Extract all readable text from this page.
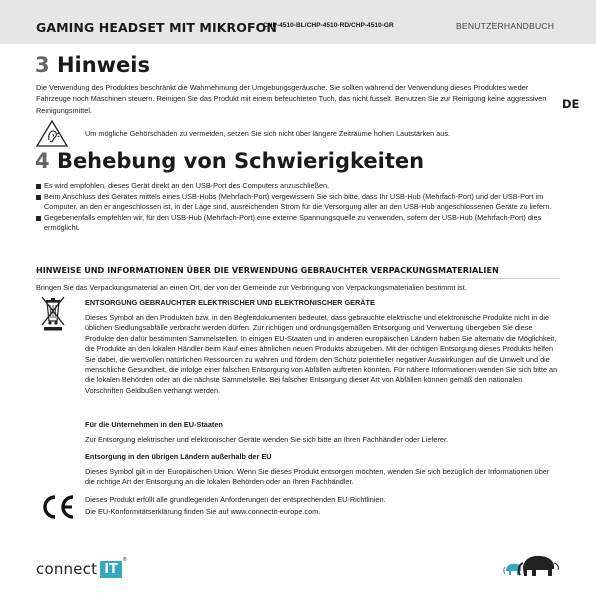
GAMING HEADSET MIT MIKROFON
CHP-4510-BL/CHP-4510-RD/CHP-4510-GR	BENUTZERHANDBUCH
DE
3 Hinweis
Die Verwendung des Produktes beschränkt die Wahrnehmung der Umgebungsgeräusche. Sie sollten während der Verwendung dieses Produktes weder Fahrzeuge noch Maschinen steuern. Reinigen Sie das Produkt mit einem befeuchteten Tuch, das nicht fusselt. Benutzen Sie zur Reinigung keine aggressiven Reinigungsmittel.
Um mögliche Gehörschäden zu vermeiden, setzen Sie sich nicht über längere Zeiträume hohen Lautstärken aus.
4 Behebung von Schwierigkeiten
Es wird empfohlen, dieses Gerät direkt an den USB-Port des Computers anzuschließen.
Beim Anschluss des Gerätes mittels eines USB-Hubs (Mehrfach-Port) vergewissern Sie sich bitte, dass Ihr USB-Hub (Mehrfach-Port) und der USB-Port im Computer, an den er angeschlossen ist, in der Lage sind, ausreichenden Strom für die Versorgung aller an den USB-Hub angeschlossenen Geräte zu liefern.
Gegebenenfalls empfehlen wir, für den USB-Hub (Mehrfach-Port) eine externe Spannungsquelle zu verwenden, sofern der USB-Hub (Mehrfach-Port) dies ermöglicht.
HINWEISE UND INFORMATIONEN ÜBER DIE VERWENDUNG GEBRAUCHTER VERPACKUNGSMATERIALIEN
Bringen Sie das Verpackungsmaterial an einen Ort, der von der Gemeinde zur Verbringung von Verpackungsmaterialien bestimmt ist.
ENTSORGUNG GEBRAUCHTER ELEKTRISCHER UND ELEKTRONISCHER GERÄTE
Dieses Symbol an den Produkten bzw. in den Begleitdokumenten bedeutet, dass gebrauchte elektrische und elektronische Produkte nicht in die üblichen Siedlungsabfälle verbracht werden dürfen. Zur richtigen und ordnungsgemäßen Entsorgung und Verwertung übergeben Sie diese Produkte den dafür bestimmten Sammelstellen. In einigen EU-Staaten und in anderen europäischen Ländern haben Sie alternativ die Möglichkeit, die Produkte an den lokalen Händler beim Kauf eines ähnlichen neuen Produkts abzugeben. Mit der richtigen Entsorgung dieses Produkts helfen Sie dabei, die wertvollen natürlichen Ressourcen zu wahren und fördern den Schutz potentieller negativer Auswirkungen auf die Umwelt und die menschliche Gesundheit, die infolge einer falschen Entsorgung von Abfällen auftreten könnten. Für nähere Informationen wenden Sie sich bitte an die lokalen Behörden oder an die nächste Sammelstelle. Bei falscher Entsorgung dieser Art von Abfällen können gemäß den nationalen Vorschriften Geldbußen verhangt werden.
Für die Unternehmen in den EU-Staaten
Zur Entsorgung elektrischer und elektronischer Geräte wenden Sie sich bitte an Ihren Fachhändler oder Lieferer.
Entsorgung in den übrigen Ländern außerhalb der EU
Dieses Symbol gilt in der Europäischen Union. Wenn Sie dieses Produkt entsorgen möchten, wenden Sie sich bezüglich der Informationen über die richtige Art der Entsorgung an die lokalen Behörden oder an Ihren Fachhändler.
Dieses Produkt erfüllt alle grundlegenden Anforderungen der entsprechenden EU-Richtlinien.
Die EU-Konformitätserklärung finden Sie auf www.connectit-europe.com.
connect IT
®
